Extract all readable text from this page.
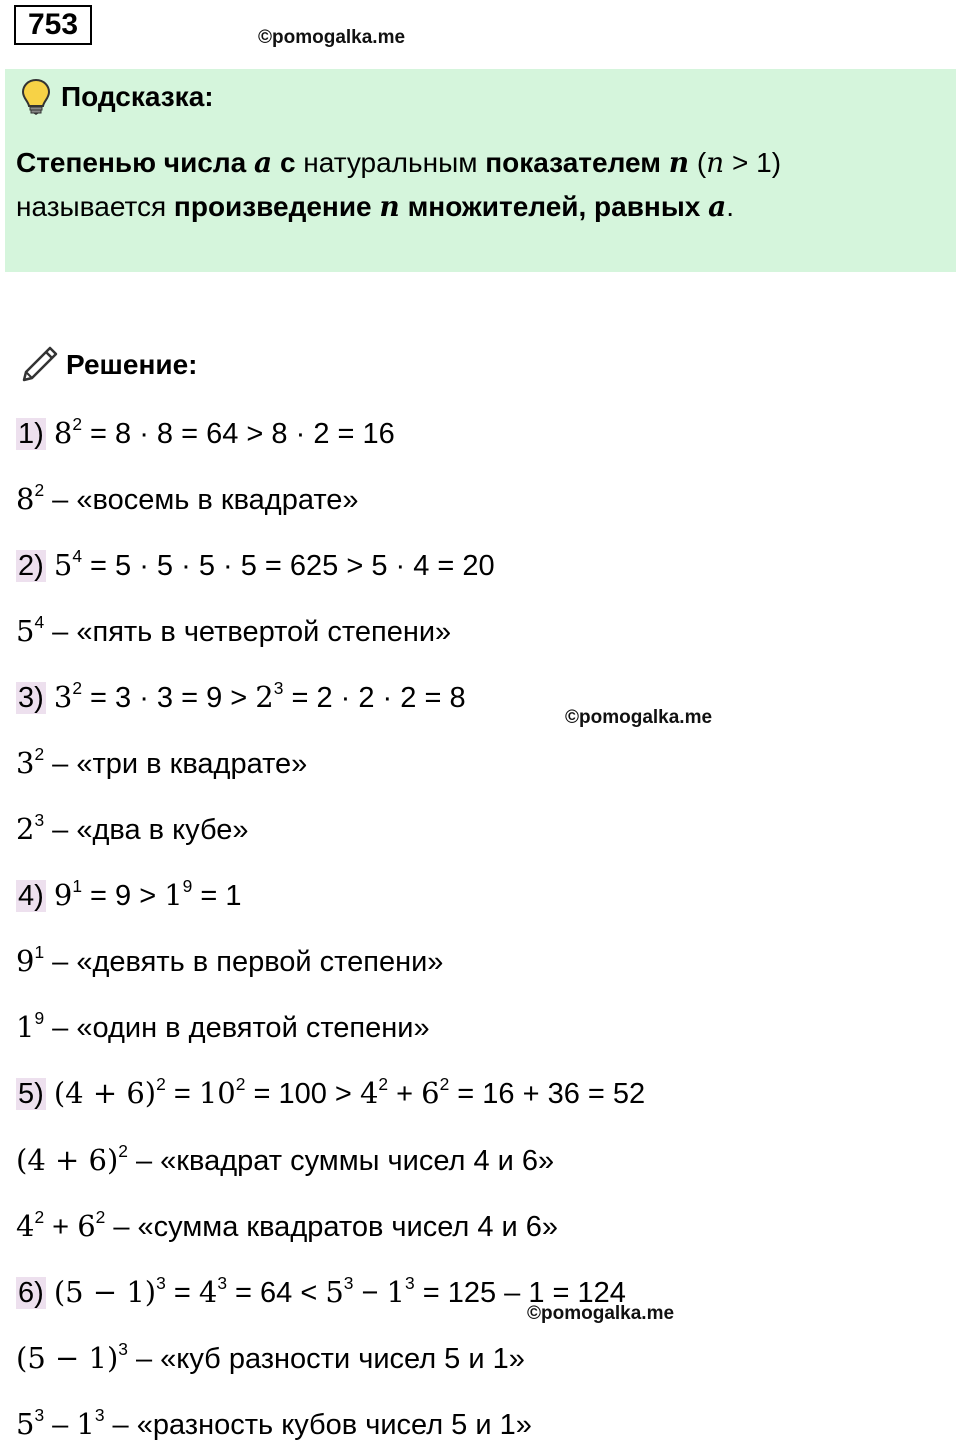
753	©pomogalka.me
Подсказка:
Степенью числа a с натуральным показателем n (n > 1)
называется произведение n множителей, равных a.
Решение:
1) $8^2 = 8 \cdot 8 = 64 > 8 \cdot 2 = 16$
$8^2$ – «восемь в квадрате»
2) $5^4 = 5 \cdot 5 \cdot 5 \cdot 5 = 625 > 5 \cdot 4 = 20$
$5^4$ – «пять в четвертой степени»
3) $3^2 = 3 \cdot 3 = 9 > 2^3 = 2 \cdot 2 \cdot 2 = 8$
©pomogalka.me
$3^2$ – «три в квадрате»
$2^3$ – «два в кубе»
4) $9^1 = 9 > 1^9 = 1$
$9^1$ – «девять в первой степени»
$1^9$ – «один в девятой степени»
5) $(4 + 6)^2 = 10^2 = 100 > 4^2 + 6^2 = 16 + 36 = 52$
$(4 + 6)^2$ – «квадрат суммы чисел 4 и 6»
$4^2 + 6^2$ – «сумма квадратов чисел 4 и 6»
6) $(5 - 1)^3 = 4^3 = 64 < 5^3 - 1^3 = 125 - 1 = 124$
©pomogalka.me
$(5 - 1)^3$ – «куб разности чисел 5 и 1»
$5^3 - 1^3$ – «разность кубов чисел 5 и 1»
